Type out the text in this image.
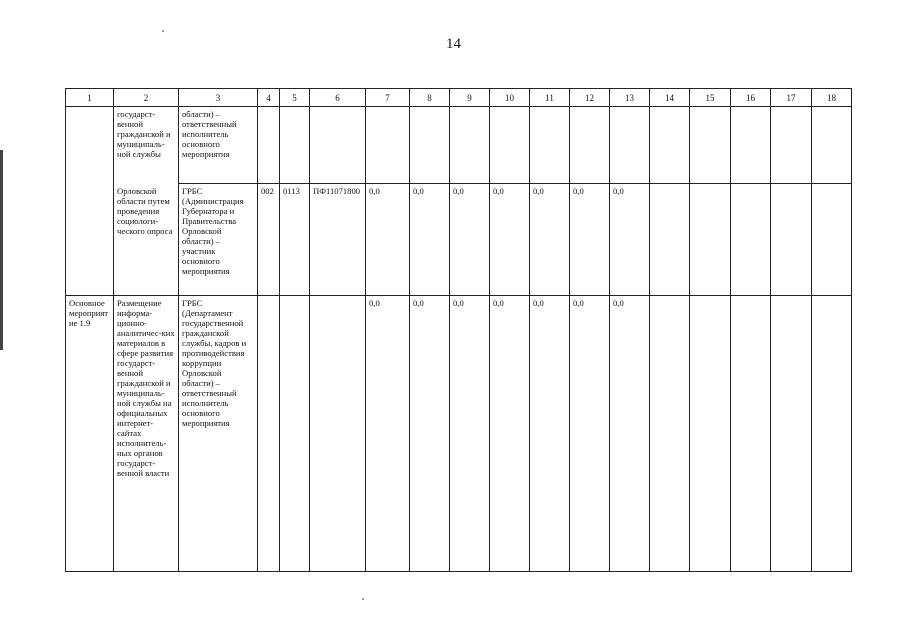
14
1	2	3	4	5	6	7	8	9	10	11	12	13	14	15	16	17	18
	государст-венной гражданской и муниципаль-ной службы	области) – ответственный исполнитель основного мероприятия															
	Орловской области путем проведения социологи-ческого опроса	ГРБС (Администрация Губернатора и Правительства Орловской области) – участник основного мероприятия	002	0113	ПФ11071800	0,0	0,0	0,0	0,0	0,0	0,0	0,0					
Основное мероприятие 1.9	Размещение информа-ционно-аналитичес-ких материалов в сфере развития государст-венной гражданской и муниципаль-ной службы на официальных интернет-сайтах исполнитель-ных органов государст-венной власти	ГРБС (Департамент государственной гражданской службы, кадров и противодействия коррупции Орловской области) – ответственный исполнитель основного мероприятия				0,0	0,0	0,0	0,0	0,0	0,0	0,0					
